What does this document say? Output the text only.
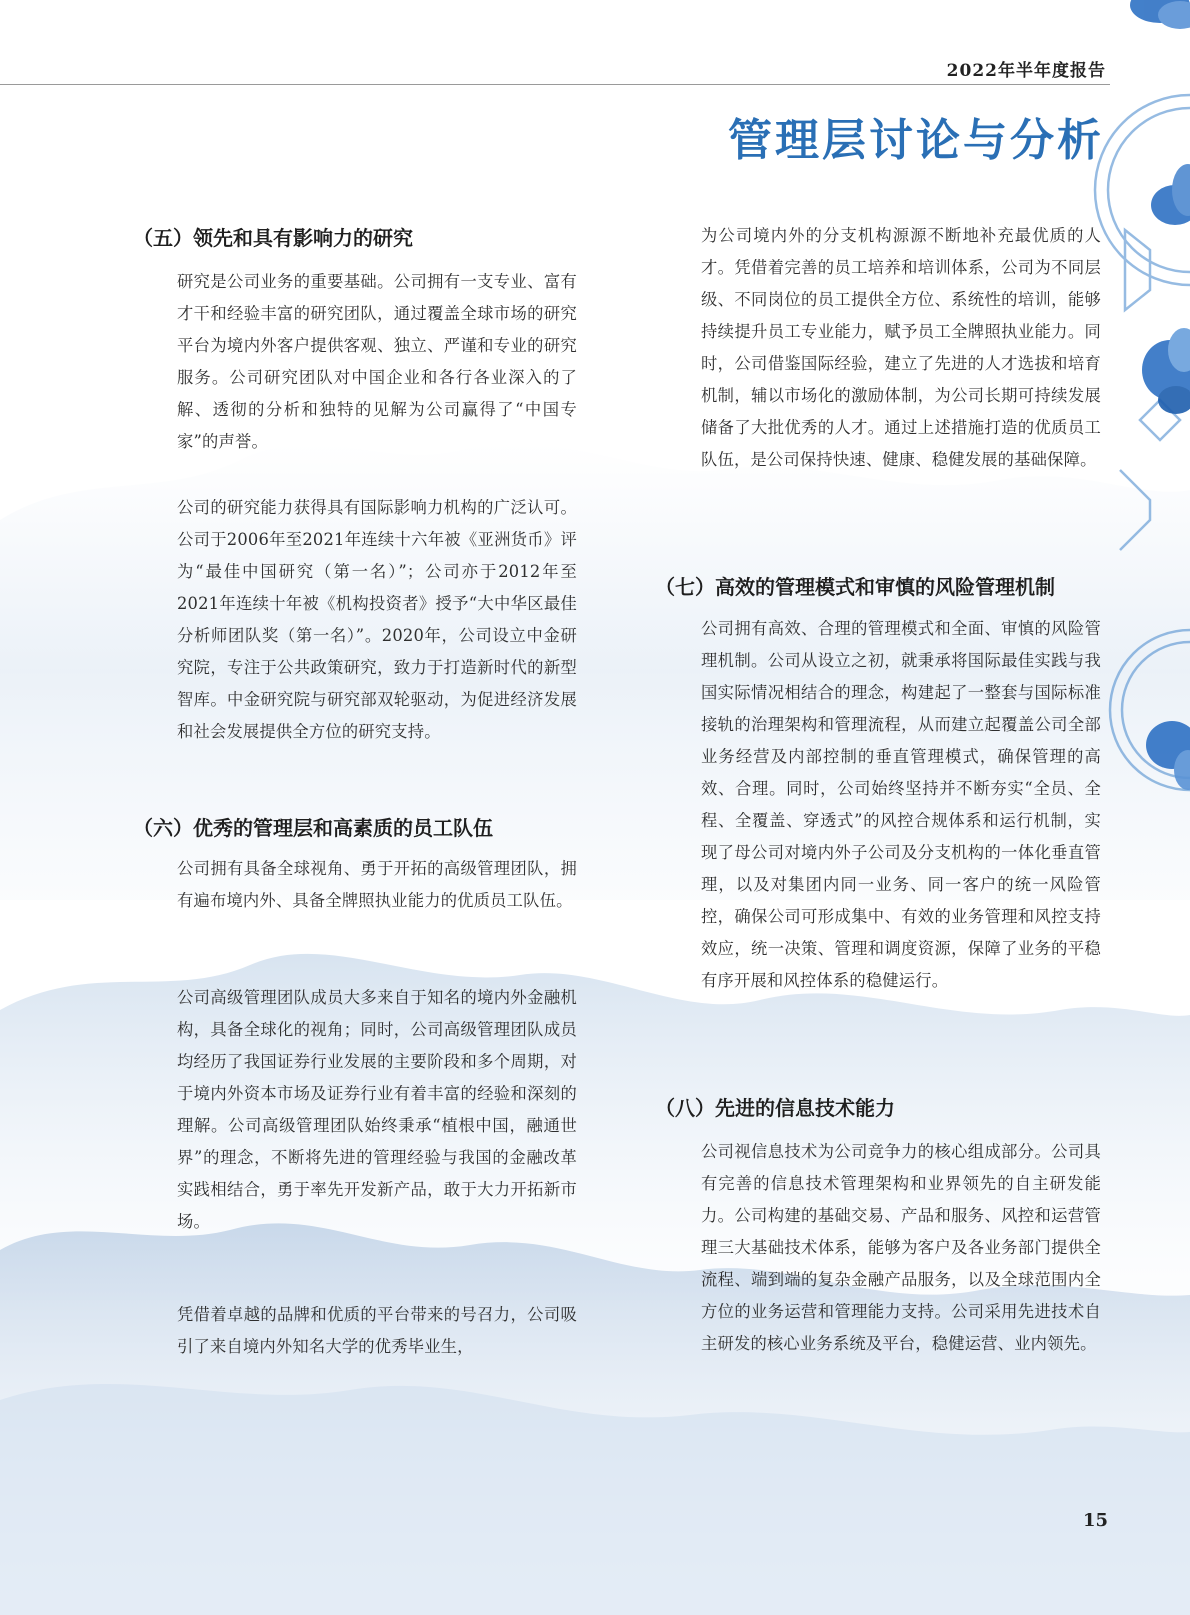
2022年半年度报告
管理层讨论与分析
（五）领先和具有影响力的研究
研究是公司业务的重要基础。公司拥有一支专业、富有才干和经验丰富的研究团队，通过覆盖全球市场的研究平台为境内外客户提供客观、独立、严谨和专业的研究服务。公司研究团队对中国企业和各行各业深入的了解、透彻的分析和独特的见解为公司赢得了“中国专家”的声誉。
公司的研究能力获得具有国际影响力机构的广泛认可。公司于2006年至2021年连续十六年被《亚洲货币》评为“最佳中国研究（第一名）”；公司亦于2012年至2021年连续十年被《机构投资者》授予“大中华区最佳分析师团队奖（第一名）”。2020年，公司设立中金研究院，专注于公共政策研究，致力于打造新时代的新型智库。中金研究院与研究部双轮驱动，为促进经济发展和社会发展提供全方位的研究支持。
（六）优秀的管理层和高素质的员工队伍
公司拥有具备全球视角、勇于开拓的高级管理团队，拥有遍布境内外、具备全牌照执业能力的优质员工队伍。
公司高级管理团队成员大多来自于知名的境内外金融机构，具备全球化的视角；同时，公司高级管理团队成员均经历了我国证券行业发展的主要阶段和多个周期，对于境内外资本市场及证券行业有着丰富的经验和深刻的理解。公司高级管理团队始终秉承“植根中国，融通世界”的理念，不断将先进的管理经验与我国的金融改革实践相结合，勇于率先开发新产品，敢于大力开拓新市场。
凭借着卓越的品牌和优质的平台带来的号召力，公司吸引了来自境内外知名大学的优秀毕业生，
为公司境内外的分支机构源源不断地补充最优质的人才。凭借着完善的员工培养和培训体系，公司为不同层级、不同岗位的员工提供全方位、系统性的培训，能够持续提升员工专业能力，赋予员工全牌照执业能力。同时，公司借鉴国际经验，建立了先进的人才选拔和培育机制，辅以市场化的激励体制，为公司长期可持续发展储备了大批优秀的人才。通过上述措施打造的优质员工队伍，是公司保持快速、健康、稳健发展的基础保障。
（七）高效的管理模式和审慎的风险管理机制
公司拥有高效、合理的管理模式和全面、审慎的风险管理机制。公司从设立之初，就秉承将国际最佳实践与我国实际情况相结合的理念，构建起了一整套与国际标准接轨的治理架构和管理流程，从而建立起覆盖公司全部业务经营及内部控制的垂直管理模式，确保管理的高效、合理。同时，公司始终坚持并不断夯实“全员、全程、全覆盖、穿透式”的风控合规体系和运行机制，实现了母公司对境内外子公司及分支机构的一体化垂直管理，以及对集团内同一业务、同一客户的统一风险管控，确保公司可形成集中、有效的业务管理和风控支持效应，统一决策、管理和调度资源，保障了业务的平稳有序开展和风控体系的稳健运行。
（八）先进的信息技术能力
公司视信息技术为公司竞争力的核心组成部分。公司具有完善的信息技术管理架构和业界领先的自主研发能力。公司构建的基础交易、产品和服务、风控和运营管理三大基础技术体系，能够为客户及各业务部门提供全流程、端到端的复杂金融产品服务，以及全球范围内全方位的业务运营和管理能力支持。公司采用先进技术自主研发的核心业务系统及平台，稳健运营、业内领先。
15
